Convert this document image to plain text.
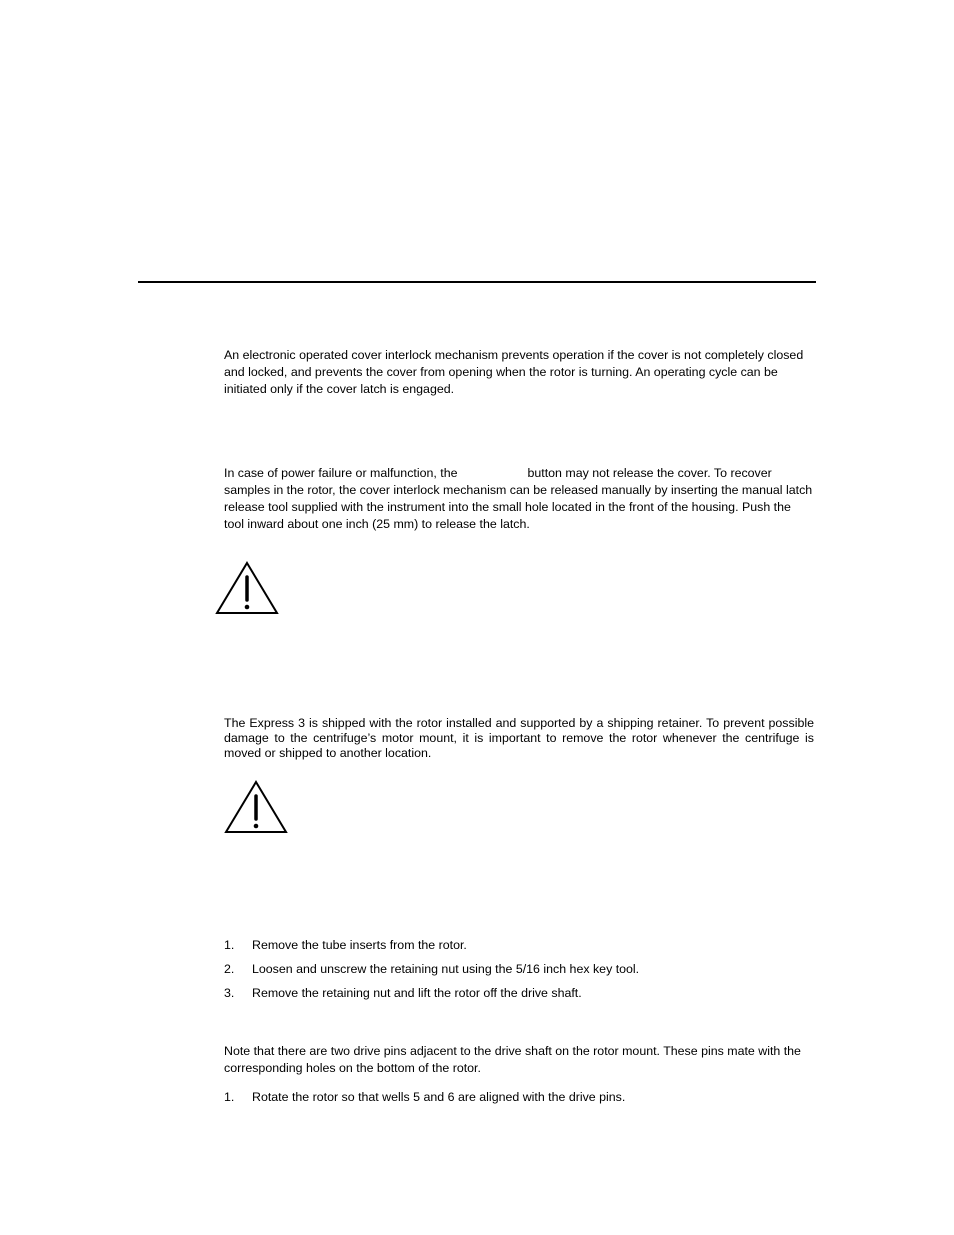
An electronic operated cover interlock mechanism prevents operation if the cover is not completely closed and locked, and prevents the cover from opening when the rotor is turning. An operating cycle can be initiated only if the cover latch is engaged.

In case of power failure or malfunction, the	button may not release the cover. To recover samples in the rotor, the cover interlock mechanism can be released manually by inserting the manual latch release tool supplied with the instrument into the small hole located in the front of the housing. Push the tool inward about one inch (25 mm) to release the latch.

The Express 3 is shipped with the rotor installed and supported by a shipping retainer. To prevent possible damage to the centrifuge’s motor mount, it is important to remove the rotor whenever the centrifuge is moved or shipped to another location.

1. Remove the tube inserts from the rotor.
2. Loosen and unscrew the retaining nut using the 5/16 inch hex key tool.
3. Remove the retaining nut and lift the rotor off the drive shaft.

Note that there are two drive pins adjacent to the drive shaft on the rotor mount. These pins mate with the corresponding holes on the bottom of the rotor.

1. Rotate the rotor so that wells 5 and 6 are aligned with the drive pins.
